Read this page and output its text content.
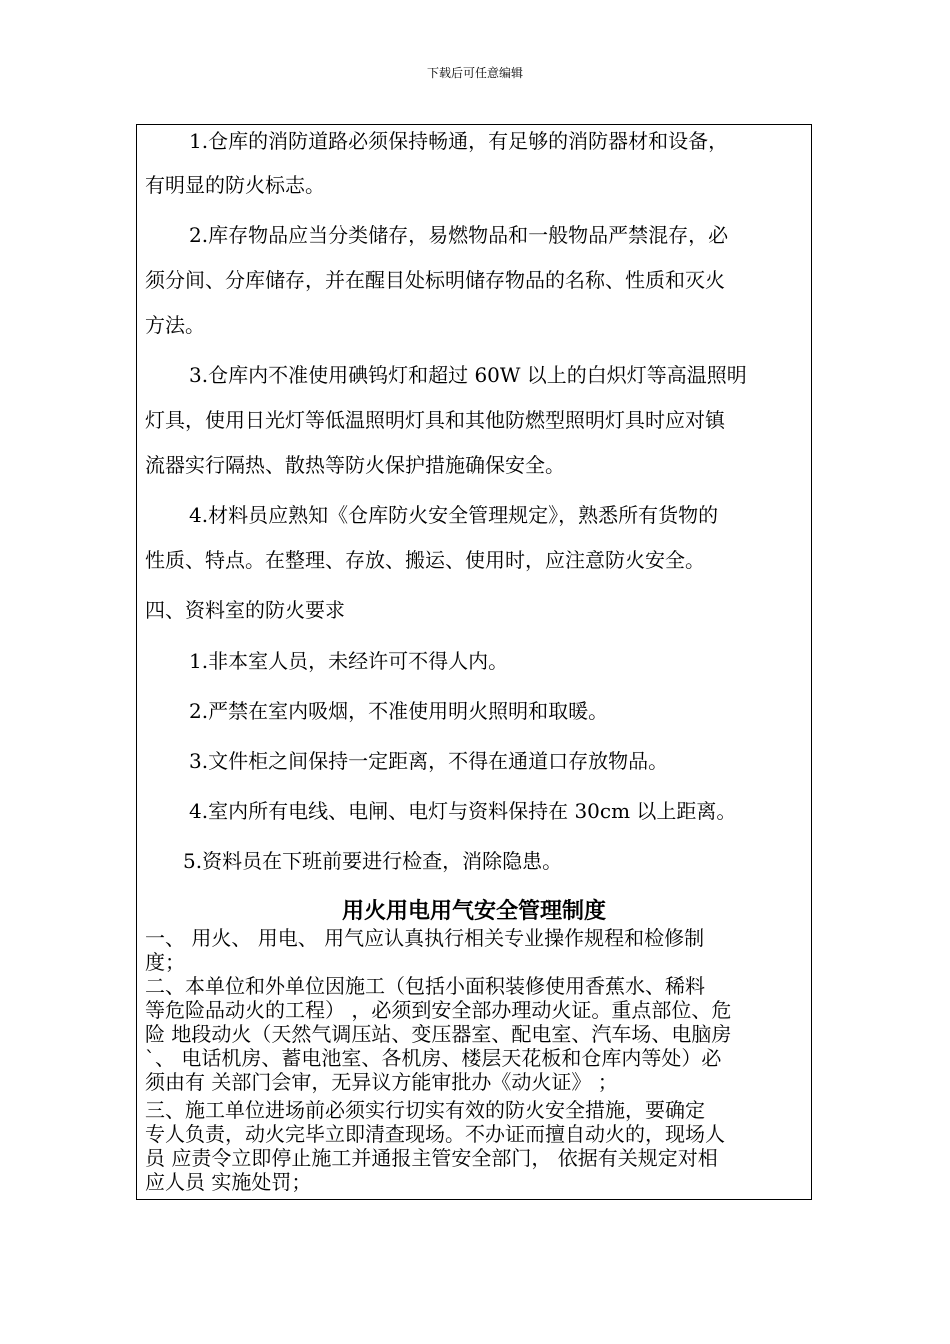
下载后可任意编辑
1.仓库的消防道路必须保持畅通，有足够的消防器材和设备，
有明显的防火标志。
2.库存物品应当分类储存，易燃物品和一般物品严禁混存，必
须分间、分库储存，并在醒目处标明储存物品的名称、性质和灭火
方法。
3.仓库内不准使用碘钨灯和超过 60W 以上的白炽灯等高温照明
灯具，使用日光灯等低温照明灯具和其他防燃型照明灯具时应对镇
流器实行隔热、散热等防火保护措施确保安全。
4.材料员应熟知《仓库防火安全管理规定》，熟悉所有货物的
性质、特点。在整理、存放、搬运、使用时，应注意防火安全。
四、资料室的防火要求
1.非本室人员，未经许可不得人内。
2.严禁在室内吸烟，不准使用明火照明和取暖。
3.文件柜之间保持一定距离，不得在通道口存放物品。
4.室内所有电线、电闸、电灯与资料保持在 30cm 以上距离。
5.资料员在下班前要进行检查，消除隐患。
用火用电用气安全管理制度
一、 用火、 用电、 用气应认真执行相关专业操作规程和检修制
度；
二、本单位和外单位因施工（包括小面积装修使用香蕉水、稀料
等危险品动火的工程） ，必须到安全部办理动火证。重点部位、危
险 地段动火（天然气调压站、变压器室、配电室、汽车场、电脑房
`、 电话机房、蓄电池室、各机房、楼层天花板和仓库内等处）必
须由有 关部门会审，无异议方能审批办《动火证》 ；
三、施工单位进场前必须实行切实有效的防火安全措施，要确定
专人负责，动火完毕立即清查现场。不办证而擅自动火的，现场人
员 应责令立即停止施工并通报主管安全部门， 依据有关规定对相
应人员 实施处罚；
